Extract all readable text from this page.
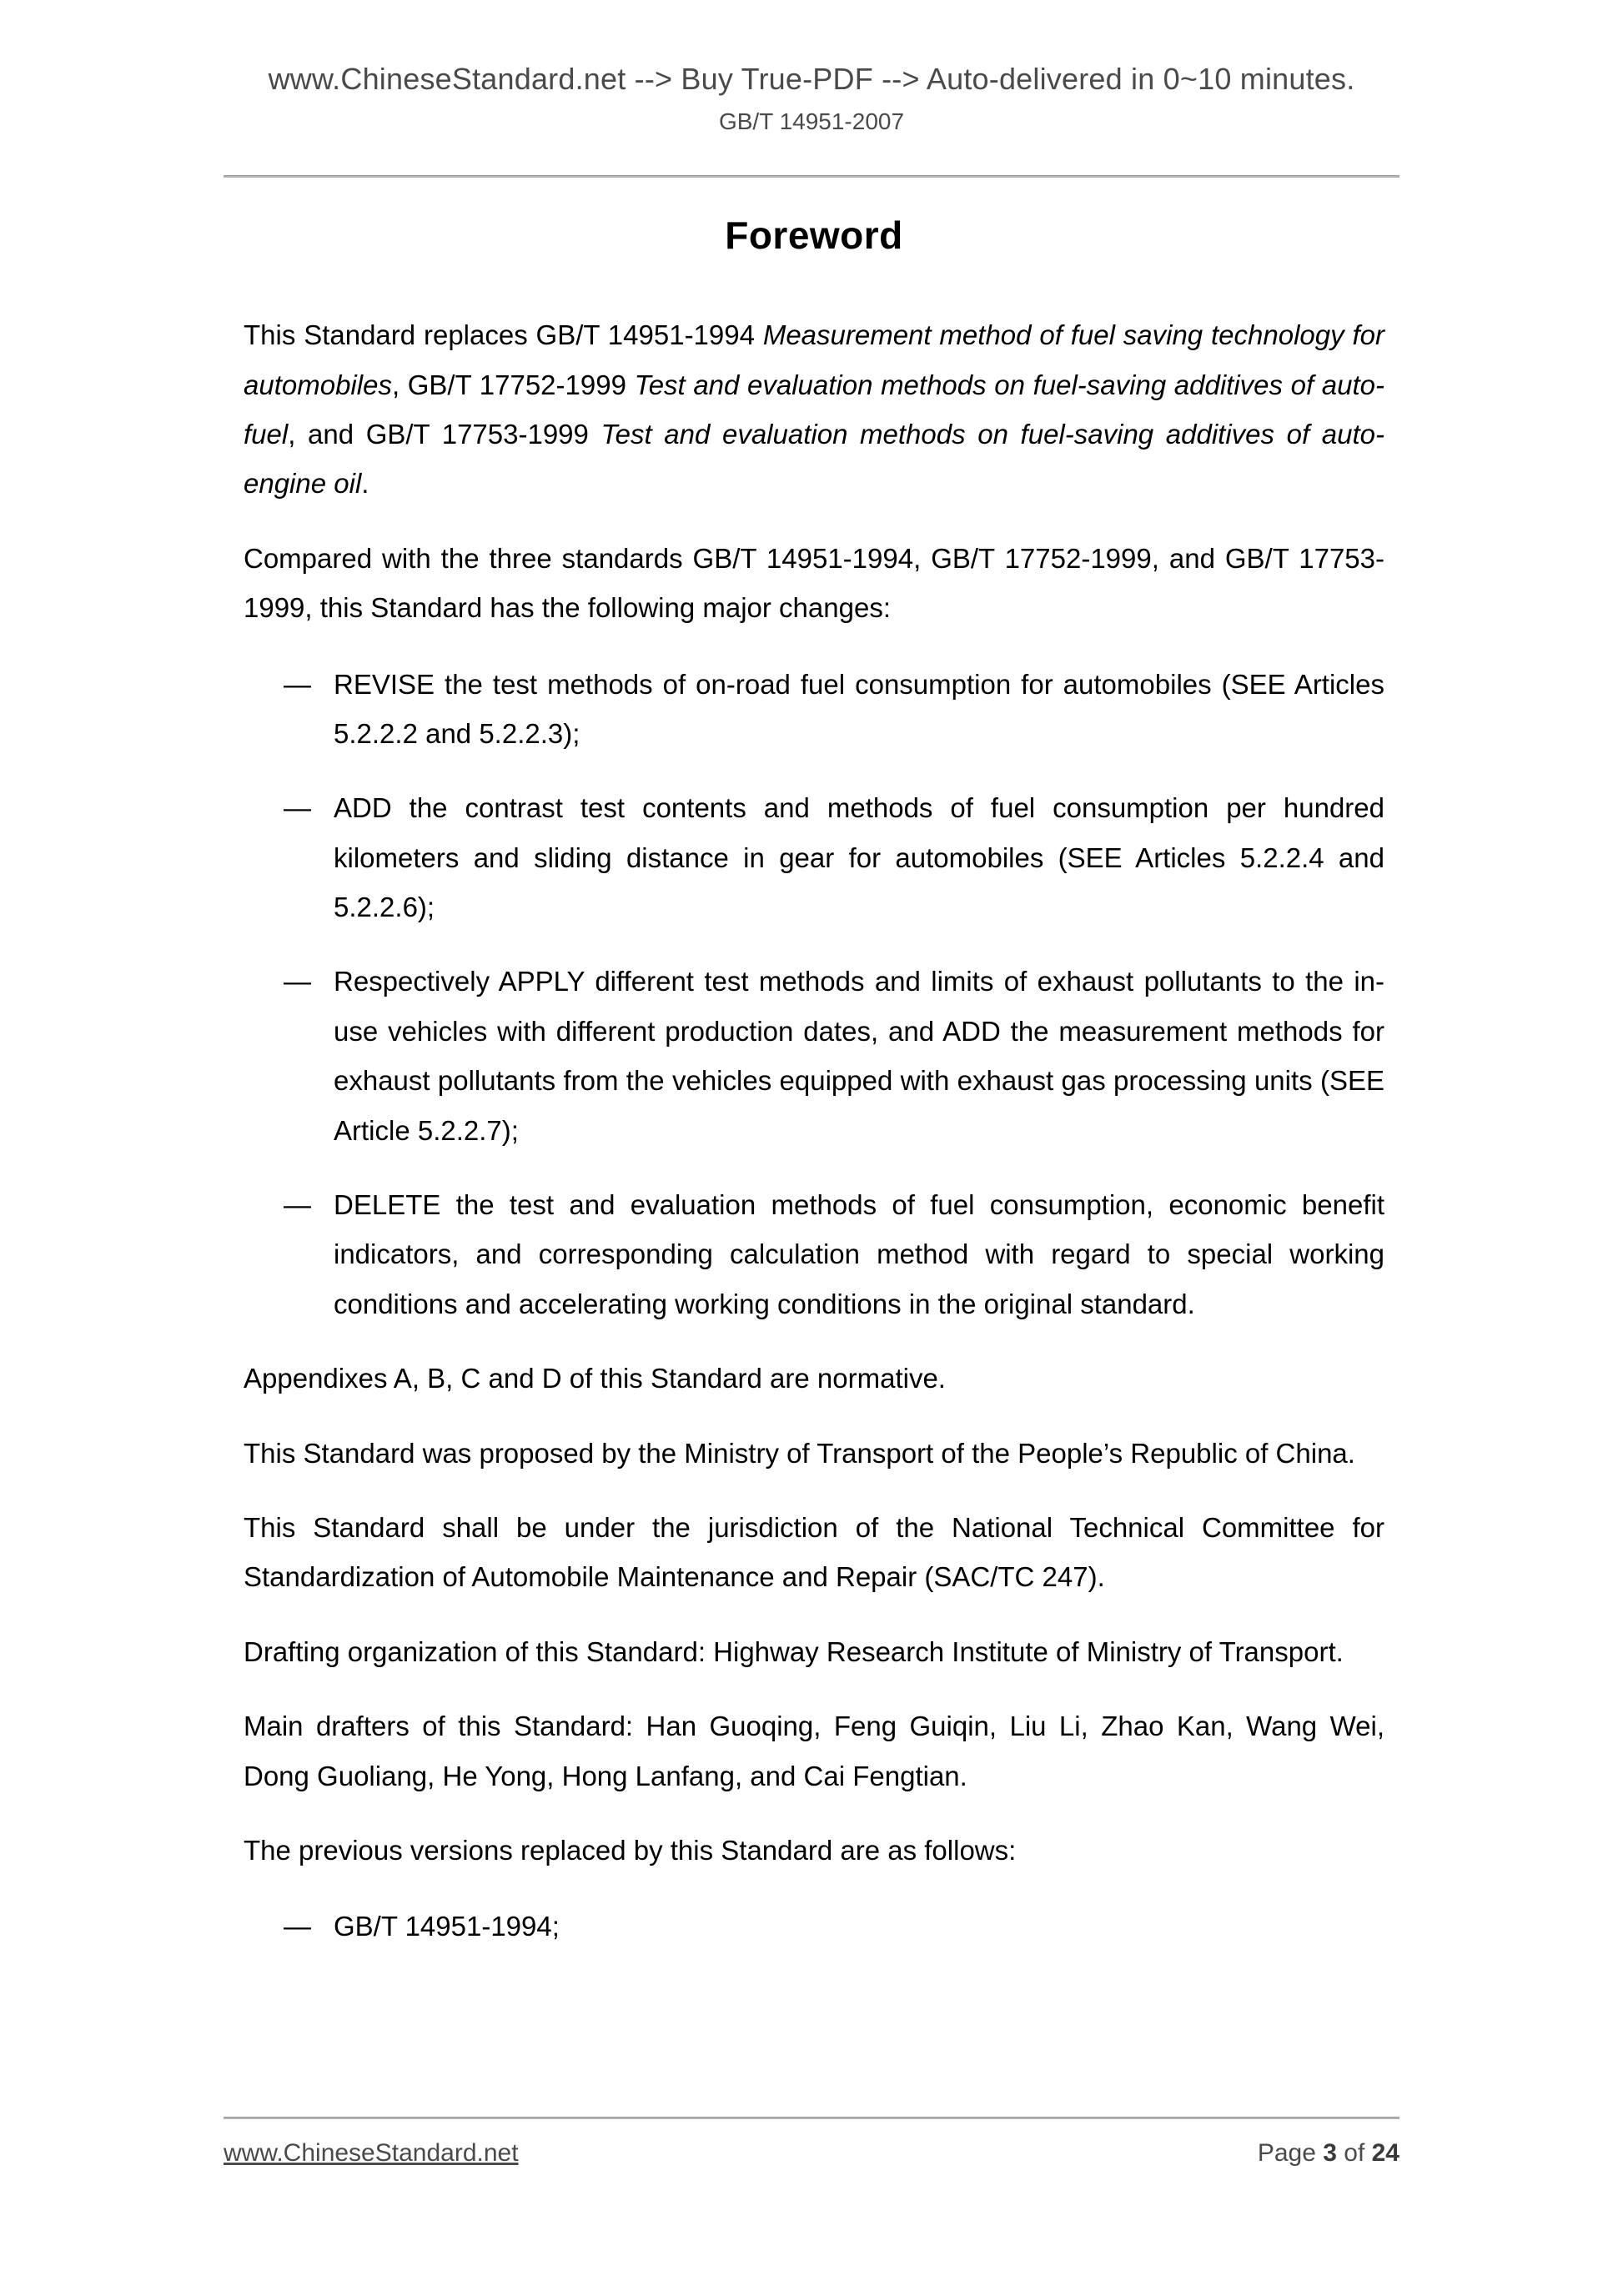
www.ChineseStandard.net --> Buy True-PDF --> Auto-delivered in 0~10 minutes.
GB/T 14951-2007
Foreword

This Standard replaces GB/T 14951-1994 Measurement method of fuel saving technology for automobiles, GB/T 17752-1999 Test and evaluation methods on fuel-saving additives of auto-fuel, and GB/T 17753-1999 Test and evaluation methods on fuel-saving additives of auto-engine oil.

Compared with the three standards GB/T 14951-1994, GB/T 17752-1999, and GB/T 17753-1999, this Standard has the following major changes:

— REVISE the test methods of on-road fuel consumption for automobiles (SEE Articles 5.2.2.2 and 5.2.2.3);
— ADD the contrast test contents and methods of fuel consumption per hundred kilometers and sliding distance in gear for automobiles (SEE Articles 5.2.2.4 and 5.2.2.6);
— Respectively APPLY different test methods and limits of exhaust pollutants to the in-use vehicles with different production dates, and ADD the measurement methods for exhaust pollutants from the vehicles equipped with exhaust gas processing units (SEE Article 5.2.2.7);
— DELETE the test and evaluation methods of fuel consumption, economic benefit indicators, and corresponding calculation method with regard to special working conditions and accelerating working conditions in the original standard.

Appendixes A, B, C and D of this Standard are normative.

This Standard was proposed by the Ministry of Transport of the People’s Republic of China.

This Standard shall be under the jurisdiction of the National Technical Committee for Standardization of Automobile Maintenance and Repair (SAC/TC 247).

Drafting organization of this Standard: Highway Research Institute of Ministry of Transport.

Main drafters of this Standard: Han Guoqing, Feng Guiqin, Liu Li, Zhao Kan, Wang Wei, Dong Guoliang, He Yong, Hong Lanfang, and Cai Fengtian.

The previous versions replaced by this Standard are as follows:

— GB/T 14951-1994;
www.ChineseStandard.net	Page 3 of 24
